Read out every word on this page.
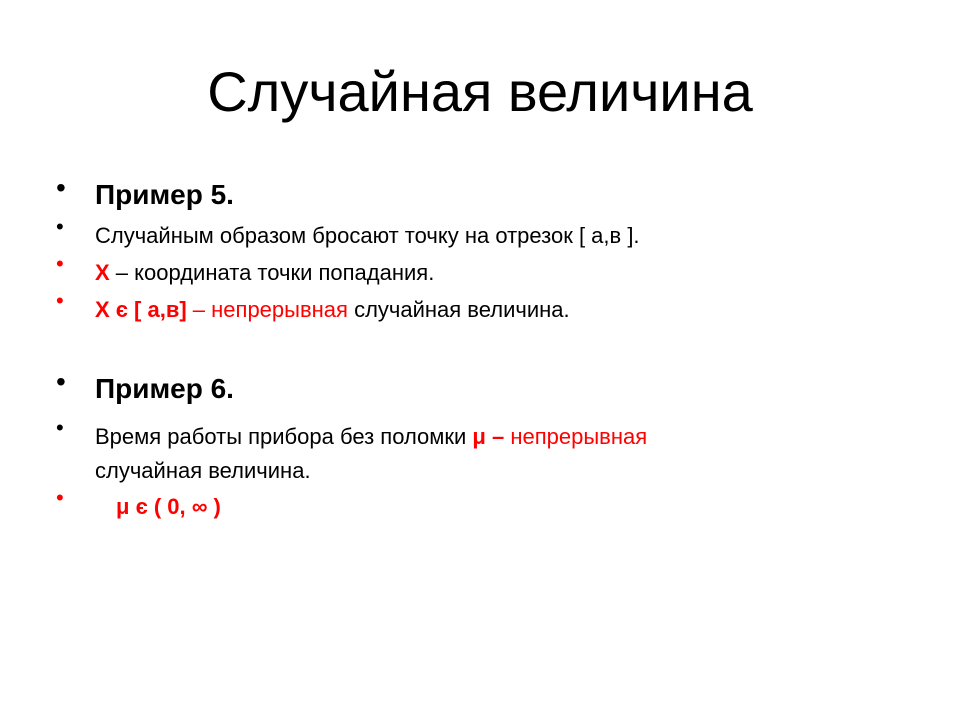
Случайная величина
•	Пример 5.
•	Случайным образом бросают точку на отрезок [ а,в ].
•	Х – координата точки попадания.
•	Х є [ а,в] – непрерывная случайная величина.
•	Пример 6.
•	Время работы прибора без поломки μ – непрерывная
случайная величина.
•	μ є ( 0, ∞ )
